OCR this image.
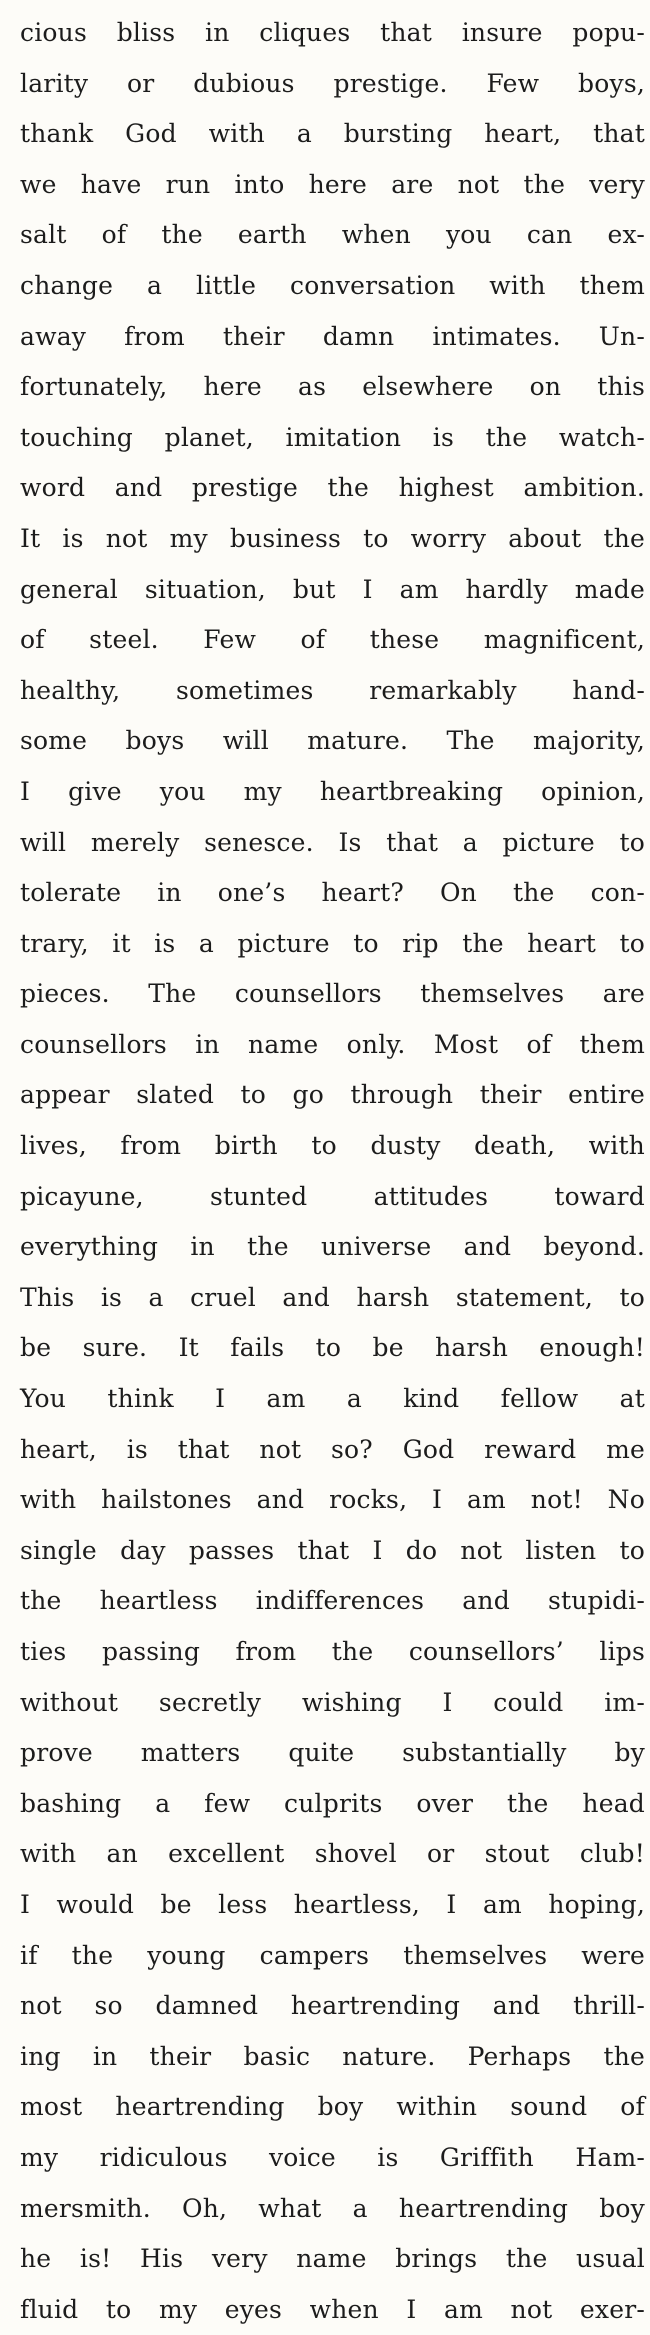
cious bliss in cliques that insure popu-
larity or dubious prestige. Few boys,
thank God with a bursting heart, that
we have run into here are not the very
salt of the earth when you can ex-
change a little conversation with them
away from their damn intimates. Un-
fortunately, here as elsewhere on this
touching planet, imitation is the watch-
word and prestige the highest ambition.
It is not my business to worry about the
general situation, but I am hardly made
of steel. Few of these magnificent,
healthy, sometimes remarkably hand-
some boys will mature. The majority,
I give you my heartbreaking opinion,
will merely senesce. Is that a picture to
tolerate in one’s heart? On the con-
trary, it is a picture to rip the heart to
pieces. The counsellors themselves are
counsellors in name only. Most of them
appear slated to go through their entire
lives, from birth to dusty death, with
picayune, stunted attitudes toward
everything in the universe and beyond.
This is a cruel and harsh statement, to
be sure. It fails to be harsh enough!
You think I am a kind fellow at
heart, is that not so? God reward me
with hailstones and rocks, I am not! No
single day passes that I do not listen to
the heartless indifferences and stupidi-
ties passing from the counsellors’ lips
without secretly wishing I could im-
prove matters quite substantially by
bashing a few culprits over the head
with an excellent shovel or stout club!
I would be less heartless, I am hoping,
if the young campers themselves were
not so damned heartrending and thrill-
ing in their basic nature. Perhaps the
most heartrending boy within sound of
my ridiculous voice is Griffith Ham-
mersmith. Oh, what a heartrending boy
he is! His very name brings the usual
fluid to my eyes when I am not exer-
